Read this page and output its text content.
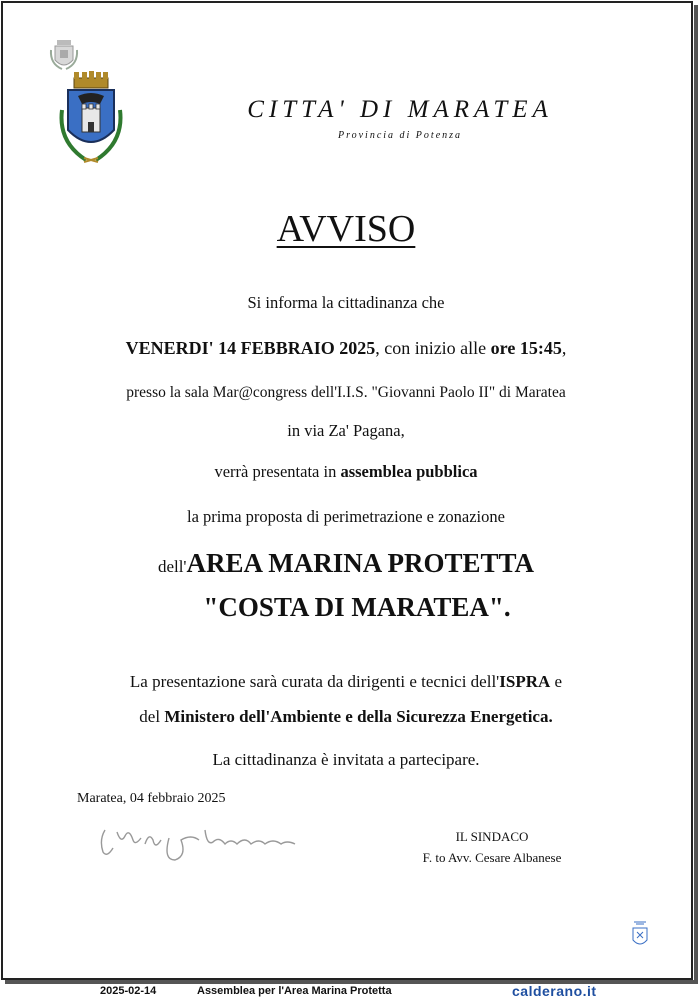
CITTA' DI MARATEA
Provincia di Potenza
AVVISO
Si informa la cittadinanza che
VENERDI' 14 FEBBRAIO 2025, con inizio alle ore 15:45,
presso la sala Mar@congress dell'I.I.S. "Giovanni Paolo II" di Maratea
in via Za' Pagana,
verrà presentata in assemblea pubblica
la prima proposta di perimetrazione e zonazione
dell'AREA MARINA PROTETTA
"COSTA DI MARATEA".
La presentazione sarà curata da dirigenti e tecnici dell'ISPRA e
del Ministero dell'Ambiente e della Sicurezza Energetica.
La cittadinanza è invitata a partecipare.
Maratea, 04 febbraio 2025
IL SINDACO
F. to Avv. Cesare Albanese
2025-02-14	Assemblea per l'Area Marina Protetta	calderano.it
